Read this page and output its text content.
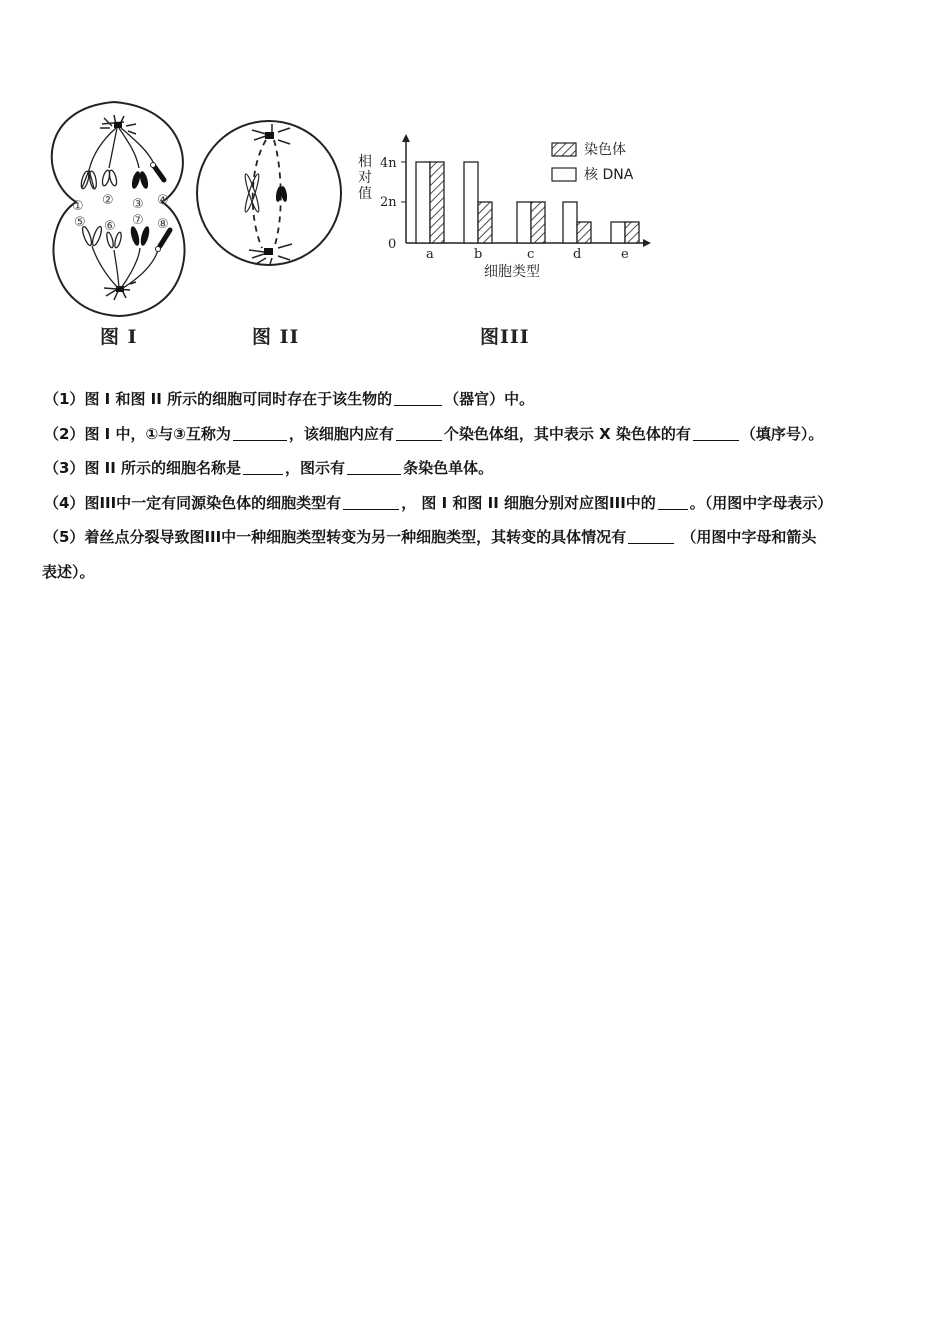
① ② ③ ④
⑤ ⑥ ⑦ ⑧
图 I	图 II
相
对
值
4n
2n
0
a	b	c	d	e
细胞类型
染色体
核 DNA
图III
（1）图 I 和图 II 所示的细胞可同时存在于该生物的	（器官）中。
（2）图 I 中，①与③互称为	，该细胞内应有	个染色体组，其中表示 X 染色体的有	（填序号）。
（3）图 II 所示的细胞名称是	，图示有	条染色单体。
（4）图III中一定有同源染色体的细胞类型有	， 图 I 和图 II 细胞分别对应图III中的 。（用图中字母表示）
（5）着丝点分裂导致图III中一种细胞类型转变为另一种细胞类型，其转变的具体情况有	（用图中字母和箭头
表述）。
